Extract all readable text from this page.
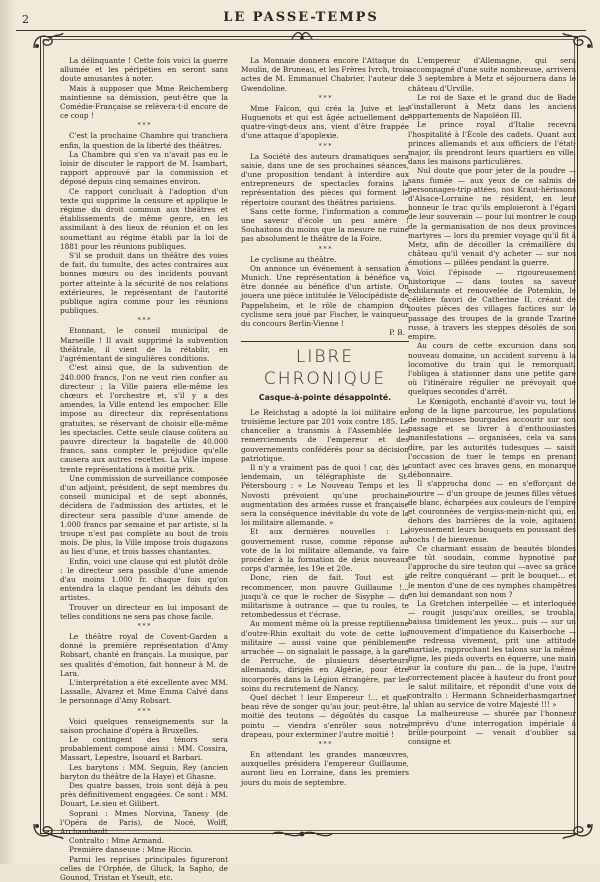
2	LE PASSE-TEMPS

La délinquante ! Cette fois voici la guerre allumée et les péripéties en seront sans doute amusantes à noter.

Mais à supposer que Mme Reichemberg maintienne sa démission, peut-être que la Comédie-Française se relèvera-t-il encore de ce coup !

* * *

C'est la prochaine Chambre qui tranchera enfin, la question de la liberté des théâtres.

La Chambre qui s'en va n'avait pas eu le loisir de discuter le rapport de M. Isambart, rapport approuvé par la commission et déposé depuis cinq semaines environ.

Ce rapport concluait à l'adoption d'un texte qui supprime la censure et applique le régime du droit commun aux théâtres et établissements de même genre, en les assimilant à des lieux de réunion et on les soumettant au régime établi par la loi de 1881 pour les réunions publiques.

S'il se produit dans un théâtre des voies de fait, du tumulte, des actes contraires aux bonnes mœurs ou des incidents pouvant porter atteinte à la sécurité de nos relations extérieures, le représentant de l'autorité publique agira comme pour les réunions publiques.

* * *

Etonnant, le conseil municipal de Marseille ! Il avait supprimé la subvention théâtrale, il vient de la rétablir, en l'agrémentant de singulières conditions.

C'est ainsi que, de la subvention de 240.000 francs, l'on ne veut rien confier au directeur ; la Ville paiera elle-même les chœurs et l'orchestre et, s'il y a des amendes, la Ville entend les empocher. Elle impose au directeur dix représentations gratuites, se réservant de choisir elle-même les spectacles. Cette seule clause coûtera au pauvre directeur la bagatelle de 40.000 francs, sans compter le préjudice qu'elle causera aux autres recettes. La Ville impose trente représentations à moitié prix.

Une commission de surveillance composée d'un adjoint, président, de sept membres du conseil municipal et de sept abonnés, décidera de l'admission des artistes, et le directeur sera passible d'une amende de 1.000 francs par semaine et par artiste, si la troupe n'est pas complète au bout de trois mois. De plus, la Ville impose trois dugazons au lieu d'une, et trois basses chantantes.

Enfin, voici une clause qui est plutôt drôle : le directeur sera passible d'une amende d'au moins 1.000 fr. chaque fois qu'on entendra la claque pendant les débuts des artistes.

Trouver un directeur en lui imposant de telles conditions ne sera pas chose facile.

* * *

Le théâtre royal de Covent-Garden a donné la première représentation d'Amy Robsart, chanté en français. La musique, par ses qualités d'émotion, fait honneur à M. de Lara.

L'interprétation a été excellente avec MM. Lassalle, Alvarez et Mme Emma Calvé dans le personnage d'Amy Robsart.

* * *

Voici quelques renseignements sur la saison prochaine d'opéra à Bruxelles.

Le contingent des ténors sera probablement composé ainsi : MM. Cossira, Massart, Lepestre, Isouard et Barbari.

Les barytons : MM. Seguin, Rey (ancien baryton du théâtre de la Haye) et Ghasne.

Des quatre basses, trois sont déjà à peu près définitivement engagées. Ce sont : MM. Douart, Le.sieu et Gilibert.

Soprani : Mmes Norvina, Tanesy (de l'Opéra de Paris), de Nocé, Wolff, Archambault.

Contralto : Mme Armand.

Première danseuse : Mme Riccio.

Parmi les reprises principales figureront celles de l'Orphée, de Gluck, la Sapho, de Gounod, Tristan et Yseult, etc.

La Monnaie donnera encore l'Attaque du Moulin, de Bruneau, et les Frères Ivrch, trois actes de M. Emmanuel Chabrier, l'auteur de Gwendoline.

* * *

Mme Falcon, qui créa la Juive et les Huguenots et qui est âgée actuellement de quatre-vingt-deux ans, vient d'être frappée d'une attaque d'apoplexie.

* * *

La Société des auteurs dramatiques sera saisie, dans une de ses prochaines séances, d'une proposition tendant à interdire aux entrepreneurs de spectacles forains la représentation des pièces qui forment le répertoire courant des théâtres parisiens.

Sans cette forme, l'information a comme une saveur d'école un peu amère ! Souhaitons du moins que la mesure ne ruine pas absolument le théâtre de la Foire.

* * *

Le cyclisme au théâtre.

On annonce un événement à sensation à Munich. Une représentation à bénéfice va être donnée au bénéfice d'un artiste. On jouera une pièce intitulée le Vélocipédiste de Pappelsheim, et le rôle de champion du cyclisme sera joué par Fischer, le vainqueur du concours Berlin-Vienne !

P. B.

LIBRE CHRONIQUE

Casque-à-pointe désappointé.

Le Reichstag a adopté la loi militaire en troisième lecture par 201 voix contre 185. Le chancelier a transmis à l'Assemblée les remerciements de l'empereur et des gouvernements confédérés pour sa décision patriotique.

Il n'y a vraiment pas de quoi ! car, dès le lendemain, un télégraphiste de St-Pétersbourg : « Le Nouveau Temps et les Novosti prévoient qu'une prochaine augmentation des armées russe et française sera la conséquence inévitable du vote de la loi militaire allemande. »

Et aux dernières nouvelles : Le gouvernement russe, comme réponse au vote de la loi militaire allemande, va faire procéder à la formation de deux nouveaux corps d'armée, les 19e et 20e.

Donc, rien de fait. Tout est à recommencer, mon pauvre Guillaume !... jusqu'à ce que le rocher de Sisyphe — du militarisme à outrance — que tu roules, te retombedessus et t'écrase.

Au moment même où la presse reptilienne d'outre-Rhin exultait du vote de cette loi militaire — aussi vaine que péniblement arrachée — on signalait le passage, à la gare de Perruche, de plusieurs déserteurs allemands, dirigés en Algérie, pour être incorporés dans la Légion étrangère, par les soins du recrutement de Nancy.

Quel déchet ! leur Empereur !... et quel beau rêve de songer qu'au jour, peut-être, la moitié des teutons — dégoûtés du casque pointu — viendra s'enrôler sous notre drapeau, pour exterminer l'autre moitié !

* * *

En attendant les grandes manœuvres, auxquelles présidera l'empereur Guillaume, auront lieu en Lorraine, dans les premiers jours du mois de septembre.

L'empereur d'Allemagne, qui sera accompagné d'une suite nombreuse, arrivera le 3 septembre à Metz et séjournera dans le château d'Urville.

Le roi de Saxe et le grand duc de Bade s'installeront à Metz dans les anciens appartements de Napoléon III.

Le prince royal d'Italie recevra l'hospitalité à l'École des cadets. Quant aux princes allemands et aux officiers de l'état-major, ils prendront leurs quartiers en ville, dans les maisons particulières.

Nul doute que pour jeter de la poudre — sans fumée — aux yeux de ce salmis de personnages-trip-attées, nos Kraut-hérissons d'Alsace-Lorraine ne résident, en leur honneur le trac qu'ils emploieront à l'égard de leur souverain — pour lui montrer le coup de la germanisation de nos deux provinces martyres — lors du premier voyage qu'il fit à Metz, afin de décoiller la crémaillère du château qu'il venait d'y acheter — sur nos émotions — pillées pendant la guerre.

Voici l'épisode — rigoureusement historique — dans toutes sa saveur exhilarante et renouvelée de Potemkin, le célèbre favori de Catherine II, créant de toutes pièces des villages factices sur le passage des troupes de la grande Tzarine russe, à travers les steppes désolés de son empire.

Au cours de cette excursion dans son nouveau domaine, un accident survenu à la locomotive du train qui le remorquait, l'obligea à stationner dans une petite gare où l'itinéraire régulier ne prévoyait que quelques secondes d'arrêt.

Le Kœnigoth, enchanté d'avoir vu, tout le long de la ligne parcourue, les populations de nombreuses bourgades accourir sur son passage et se livrer à d'enthousiastes manifestations — organisées, cela va sans dire, par les autorités tudesques — saisit l'occasion de tuer le temps en prenant contact avec ces braves gens, en monarque débonnaire.

Il s'approcha donc — en s'efforçant de sourire — d'un groupe de jeunes filles vêtues de blanc, écharpées aux couleurs de l'empire et couronnées de vergiss-mein-nicht qui, en dehors des barrières de la voie, agitaient joyeusement leurs bouquets en poussant des hochs ! de bienvenue.

Ce charmant essaim de beautés blondes se tût soudain, comme hypnotisé par l'approche du sire teuton qui —avec sa grâce de reître conquérant — prit le bouquet... et le menton d'une de ces nymphes champêtres en lui demandant son nom ?

La Gretchen interpellée — et interloquée — rougit jusqu'aux oreilles, se troubla, baissa timidement les yeux... puis — sur un mouvement d'impatience du Kaiserboche — se redressa vivement, prit une attitude martiale, rapprochant les talons sur la même ligne, les pieds ouverts en équerre, une main sur la couture du pan... de la jupe, l'autre correctement placée à hauteur du front pour le salut militaire, et répondit d'une voix de contralto : Hermann Schneiderhasmgartner ! uhlan au service de votre Majesté !!! »

La malheureuse — shurée par l'honneur imprévu d'une interrogation impériale à brûle-pourpoint — venait d'oublier sa consigne et
